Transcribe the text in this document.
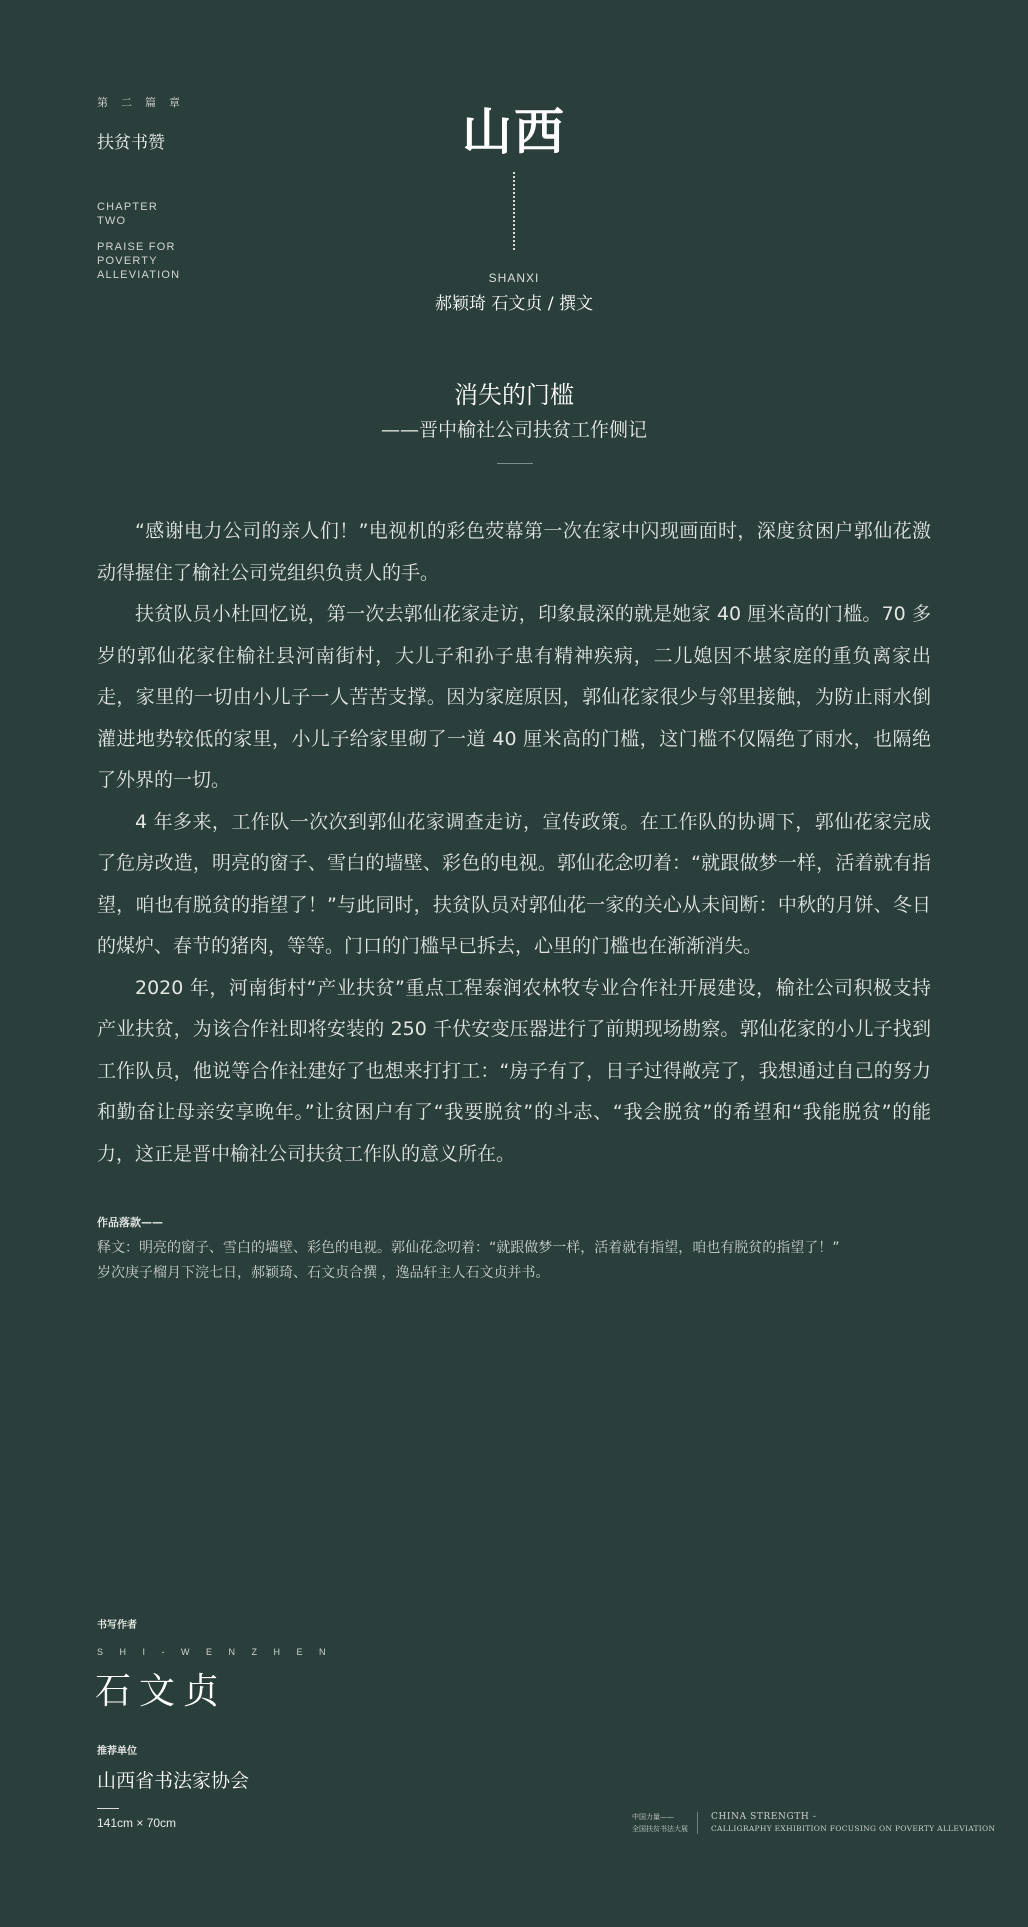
第二篇章
扶贫书赞
CHAPTER
TWO
PRAISE FOR
POVERTY
ALLEVIATION
山西
SHANXI
郝颖琦 石文贞 / 撰文
消失的门槛
——晋中榆社公司扶贫工作侧记

“感谢电力公司的亲人们！”电视机的彩色荧幕第一次在家中闪现画面时，深度贫困户郭仙花激动得握住了榆社公司党组织负责人的手。

扶贫队员小杜回忆说，第一次去郭仙花家走访，印象最深的就是她家 40 厘米高的门槛。70 多岁的郭仙花家住榆社县河南街村，大儿子和孙子患有精神疾病，二儿媳因不堪家庭的重负离家出走，家里的一切由小儿子一人苦苦支撑。因为家庭原因，郭仙花家很少与邻里接触，为防止雨水倒灌进地势较低的家里，小儿子给家里砌了一道 40 厘米高的门槛，这门槛不仅隔绝了雨水，也隔绝了外界的一切。

4 年多来，工作队一次次到郭仙花家调查走访，宣传政策。在工作队的协调下，郭仙花家完成了危房改造，明亮的窗子、雪白的墙壁、彩色的电视。郭仙花念叨着：“就跟做梦一样，活着就有指望，咱也有脱贫的指望了！”与此同时，扶贫队员对郭仙花一家的关心从未间断：中秋的月饼、冬日的煤炉、春节的猪肉，等等。门口的门槛早已拆去，心里的门槛也在渐渐消失。

2020 年，河南街村“产业扶贫”重点工程泰润农林牧专业合作社开展建设，榆社公司积极支持产业扶贫，为该合作社即将安装的 250 千伏安变压器进行了前期现场勘察。郭仙花家的小儿子找到工作队员，他说等合作社建好了也想来打打工：“房子有了，日子过得敞亮了，我想通过自己的努力和勤奋让母亲安享晚年。”让贫困户有了“我要脱贫”的斗志、“我会脱贫”的希望和“我能脱贫”的能力，这正是晋中榆社公司扶贫工作队的意义所在。

作品落款——
释文：明亮的窗子、雪白的墙壁、彩色的电视。郭仙花念叨着：“就跟做梦一样，活着就有指望，咱也有脱贫的指望了！”
岁次庚子榴月下浣七日，郝颖琦、石文贞合撰 ，逸品轩主人石文贞并书。
书写作者
SHI-WENZHEN
石文贞
推荐单位
山西省书法家协会
141cm × 70cm	中国力量——
全国扶贫书法大展
CHINA STRENGTH -
CALLIGRAPHY EXHIBITION FOCUSING ON POVERTY ALLEVIATION
